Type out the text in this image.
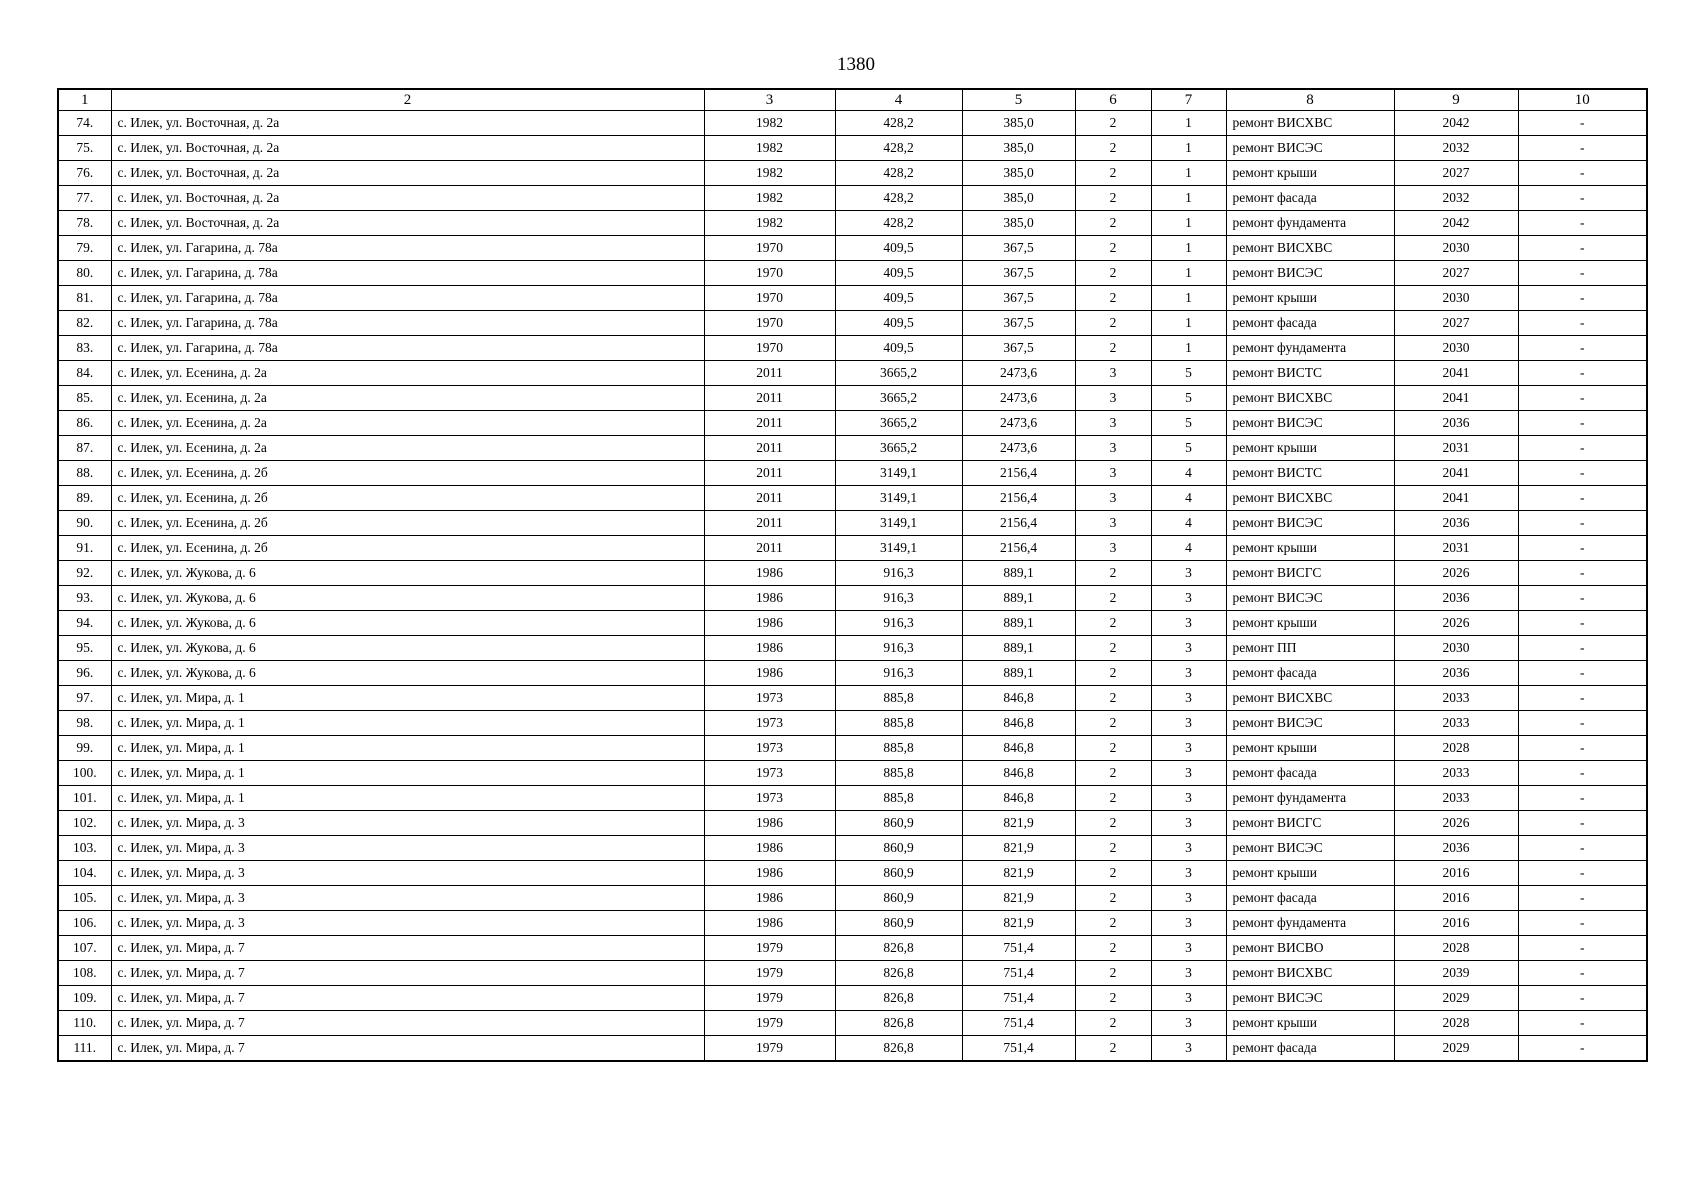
1380
1	2	3	4	5	6	7	8	9	10
74.	с. Илек, ул. Восточная, д. 2а	1982	428,2	385,0	2	1	ремонт ВИСХВС	2042	-
75.	с. Илек, ул. Восточная, д. 2а	1982	428,2	385,0	2	1	ремонт ВИСЭС	2032	-
76.	с. Илек, ул. Восточная, д. 2а	1982	428,2	385,0	2	1	ремонт крыши	2027	-
77.	с. Илек, ул. Восточная, д. 2а	1982	428,2	385,0	2	1	ремонт фасада	2032	-
78.	с. Илек, ул. Восточная, д. 2а	1982	428,2	385,0	2	1	ремонт фундамента	2042	-
79.	с. Илек, ул. Гагарина, д. 78а	1970	409,5	367,5	2	1	ремонт ВИСХВС	2030	-
80.	с. Илек, ул. Гагарина, д. 78а	1970	409,5	367,5	2	1	ремонт ВИСЭС	2027	-
81.	с. Илек, ул. Гагарина, д. 78а	1970	409,5	367,5	2	1	ремонт крыши	2030	-
82.	с. Илек, ул. Гагарина, д. 78а	1970	409,5	367,5	2	1	ремонт фасада	2027	-
83.	с. Илек, ул. Гагарина, д. 78а	1970	409,5	367,5	2	1	ремонт фундамента	2030	-
84.	с. Илек, ул. Есенина, д. 2а	2011	3665,2	2473,6	3	5	ремонт ВИСТС	2041	-
85.	с. Илек, ул. Есенина, д. 2а	2011	3665,2	2473,6	3	5	ремонт ВИСХВС	2041	-
86.	с. Илек, ул. Есенина, д. 2а	2011	3665,2	2473,6	3	5	ремонт ВИСЭС	2036	-
87.	с. Илек, ул. Есенина, д. 2а	2011	3665,2	2473,6	3	5	ремонт крыши	2031	-
88.	с. Илек, ул. Есенина, д. 2б	2011	3149,1	2156,4	3	4	ремонт ВИСТС	2041	-
89.	с. Илек, ул. Есенина, д. 2б	2011	3149,1	2156,4	3	4	ремонт ВИСХВС	2041	-
90.	с. Илек, ул. Есенина, д. 2б	2011	3149,1	2156,4	3	4	ремонт ВИСЭС	2036	-
91.	с. Илек, ул. Есенина, д. 2б	2011	3149,1	2156,4	3	4	ремонт крыши	2031	-
92.	с. Илек, ул. Жукова, д. 6	1986	916,3	889,1	2	3	ремонт ВИСГС	2026	-
93.	с. Илек, ул. Жукова, д. 6	1986	916,3	889,1	2	3	ремонт ВИСЭС	2036	-
94.	с. Илек, ул. Жукова, д. 6	1986	916,3	889,1	2	3	ремонт крыши	2026	-
95.	с. Илек, ул. Жукова, д. 6	1986	916,3	889,1	2	3	ремонт ПП	2030	-
96.	с. Илек, ул. Жукова, д. 6	1986	916,3	889,1	2	3	ремонт фасада	2036	-
97.	с. Илек, ул. Мира, д. 1	1973	885,8	846,8	2	3	ремонт ВИСХВС	2033	-
98.	с. Илек, ул. Мира, д. 1	1973	885,8	846,8	2	3	ремонт ВИСЭС	2033	-
99.	с. Илек, ул. Мира, д. 1	1973	885,8	846,8	2	3	ремонт крыши	2028	-
100.	с. Илек, ул. Мира, д. 1	1973	885,8	846,8	2	3	ремонт фасада	2033	-
101.	с. Илек, ул. Мира, д. 1	1973	885,8	846,8	2	3	ремонт фундамента	2033	-
102.	с. Илек, ул. Мира, д. 3	1986	860,9	821,9	2	3	ремонт ВИСГС	2026	-
103.	с. Илек, ул. Мира, д. 3	1986	860,9	821,9	2	3	ремонт ВИСЭС	2036	-
104.	с. Илек, ул. Мира, д. 3	1986	860,9	821,9	2	3	ремонт крыши	2016	-
105.	с. Илек, ул. Мира, д. 3	1986	860,9	821,9	2	3	ремонт фасада	2016	-
106.	с. Илек, ул. Мира, д. 3	1986	860,9	821,9	2	3	ремонт фундамента	2016	-
107.	с. Илек, ул. Мира, д. 7	1979	826,8	751,4	2	3	ремонт ВИСВО	2028	-
108.	с. Илек, ул. Мира, д. 7	1979	826,8	751,4	2	3	ремонт ВИСХВС	2039	-
109.	с. Илек, ул. Мира, д. 7	1979	826,8	751,4	2	3	ремонт ВИСЭС	2029	-
110.	с. Илек, ул. Мира, д. 7	1979	826,8	751,4	2	3	ремонт крыши	2028	-
111.	с. Илек, ул. Мира, д. 7	1979	826,8	751,4	2	3	ремонт фасада	2029	-
